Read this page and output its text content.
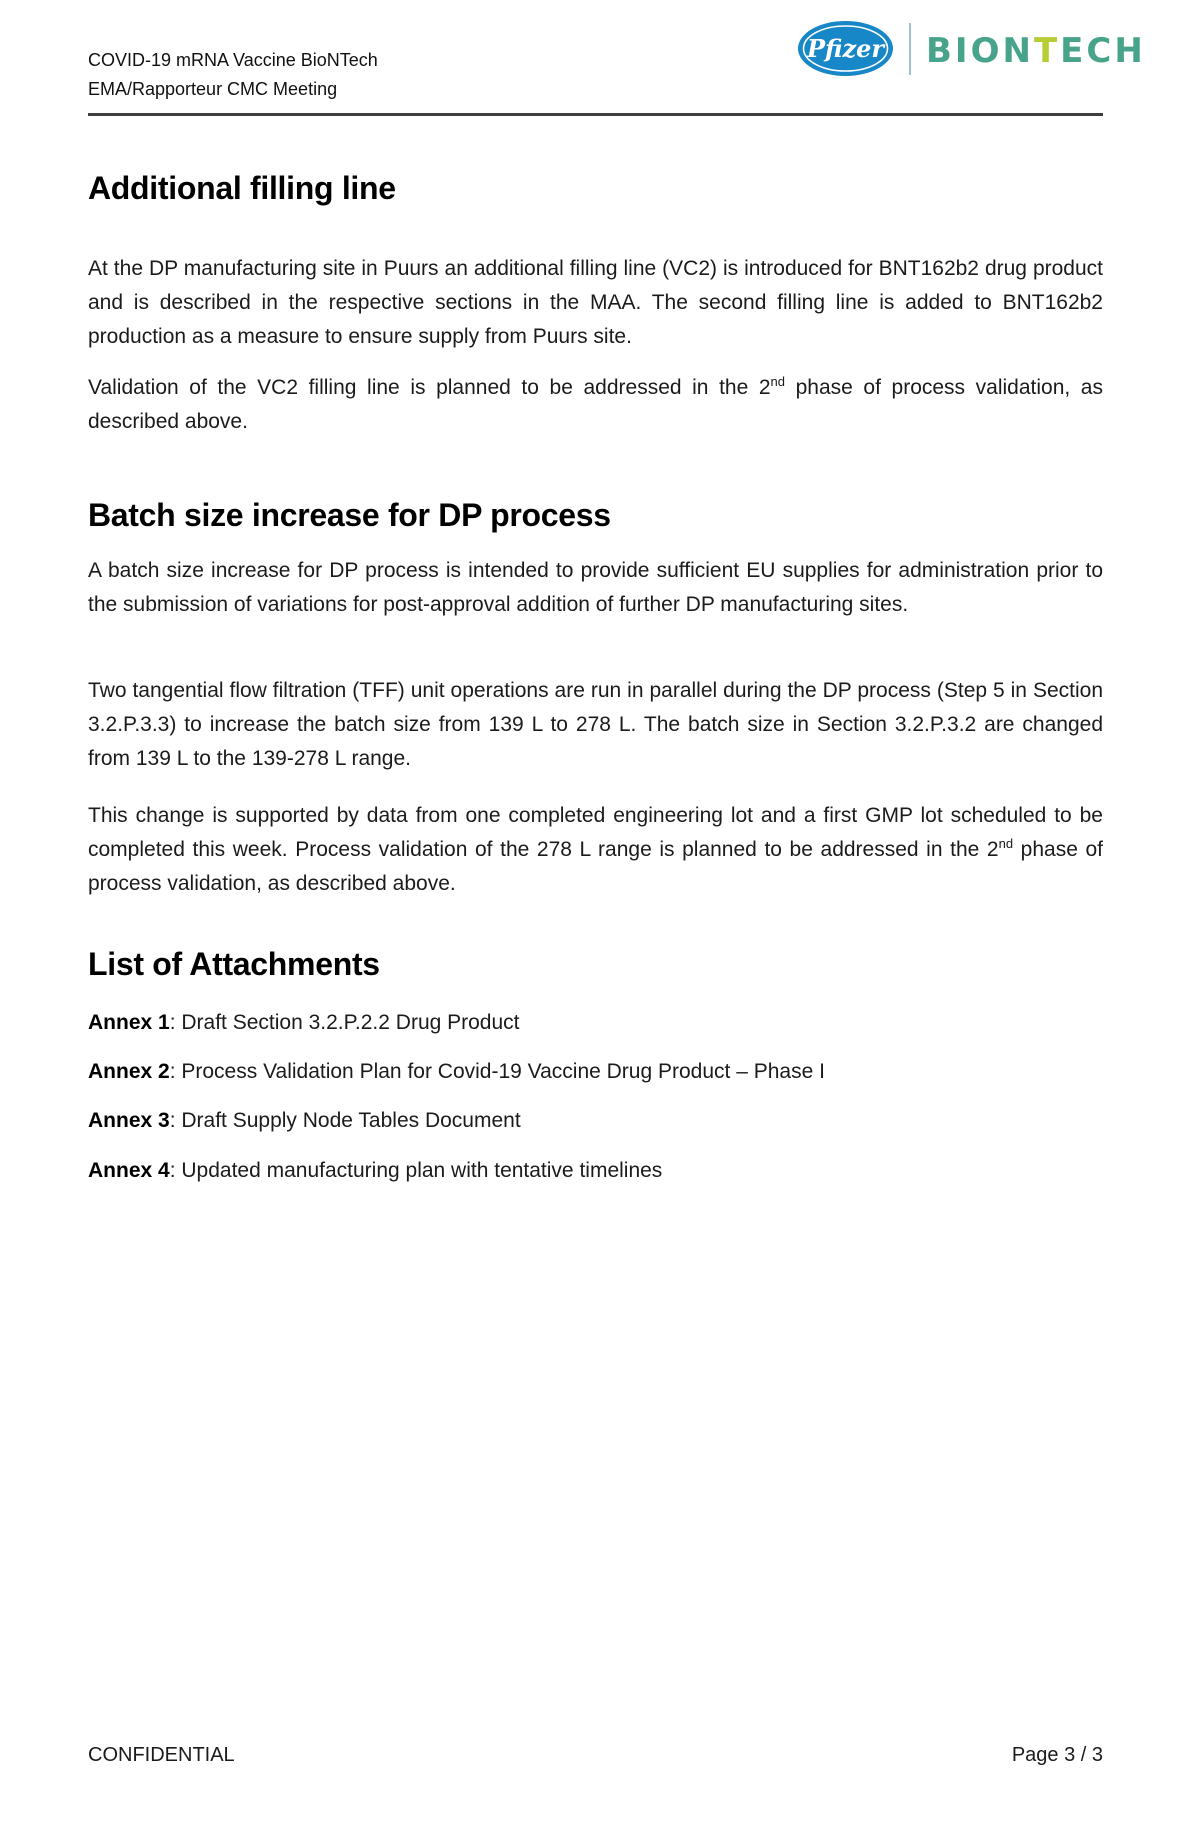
COVID-19 mRNA Vaccine BioNTech
EMA/Rapporteur CMC Meeting
Pfizer BIONTECH
Additional filling line

At the DP manufacturing site in Puurs an additional filling line (VC2) is introduced for BNT162b2 drug product and is described in the respective sections in the MAA. The second filling line is added to BNT162b2 production as a measure to ensure supply from Puurs site.

Validation of the VC2 filling line is planned to be addressed in the 2nd phase of process validation, as described above.

Batch size increase for DP process

A batch size increase for DP process is intended to provide sufficient EU supplies for administration prior to the submission of variations for post-approval addition of further DP manufacturing sites.

Two tangential flow filtration (TFF) unit operations are run in parallel during the DP process (Step 5 in Section 3.2.P.3.3) to increase the batch size from 139 L to 278 L. The batch size in Section 3.2.P.3.2 are changed from 139 L to the 139-278 L range.

This change is supported by data from one completed engineering lot and a first GMP lot scheduled to be completed this week. Process validation of the 278 L range is planned to be addressed in the 2nd phase of process validation, as described above.

List of Attachments
Annex 1: Draft Section 3.2.P.2.2 Drug Product
Annex 2: Process Validation Plan for Covid-19 Vaccine Drug Product – Phase I
Annex 3: Draft Supply Node Tables Document
Annex 4: Updated manufacturing plan with tentative timelines
CONFIDENTIAL	Page 3 / 3
